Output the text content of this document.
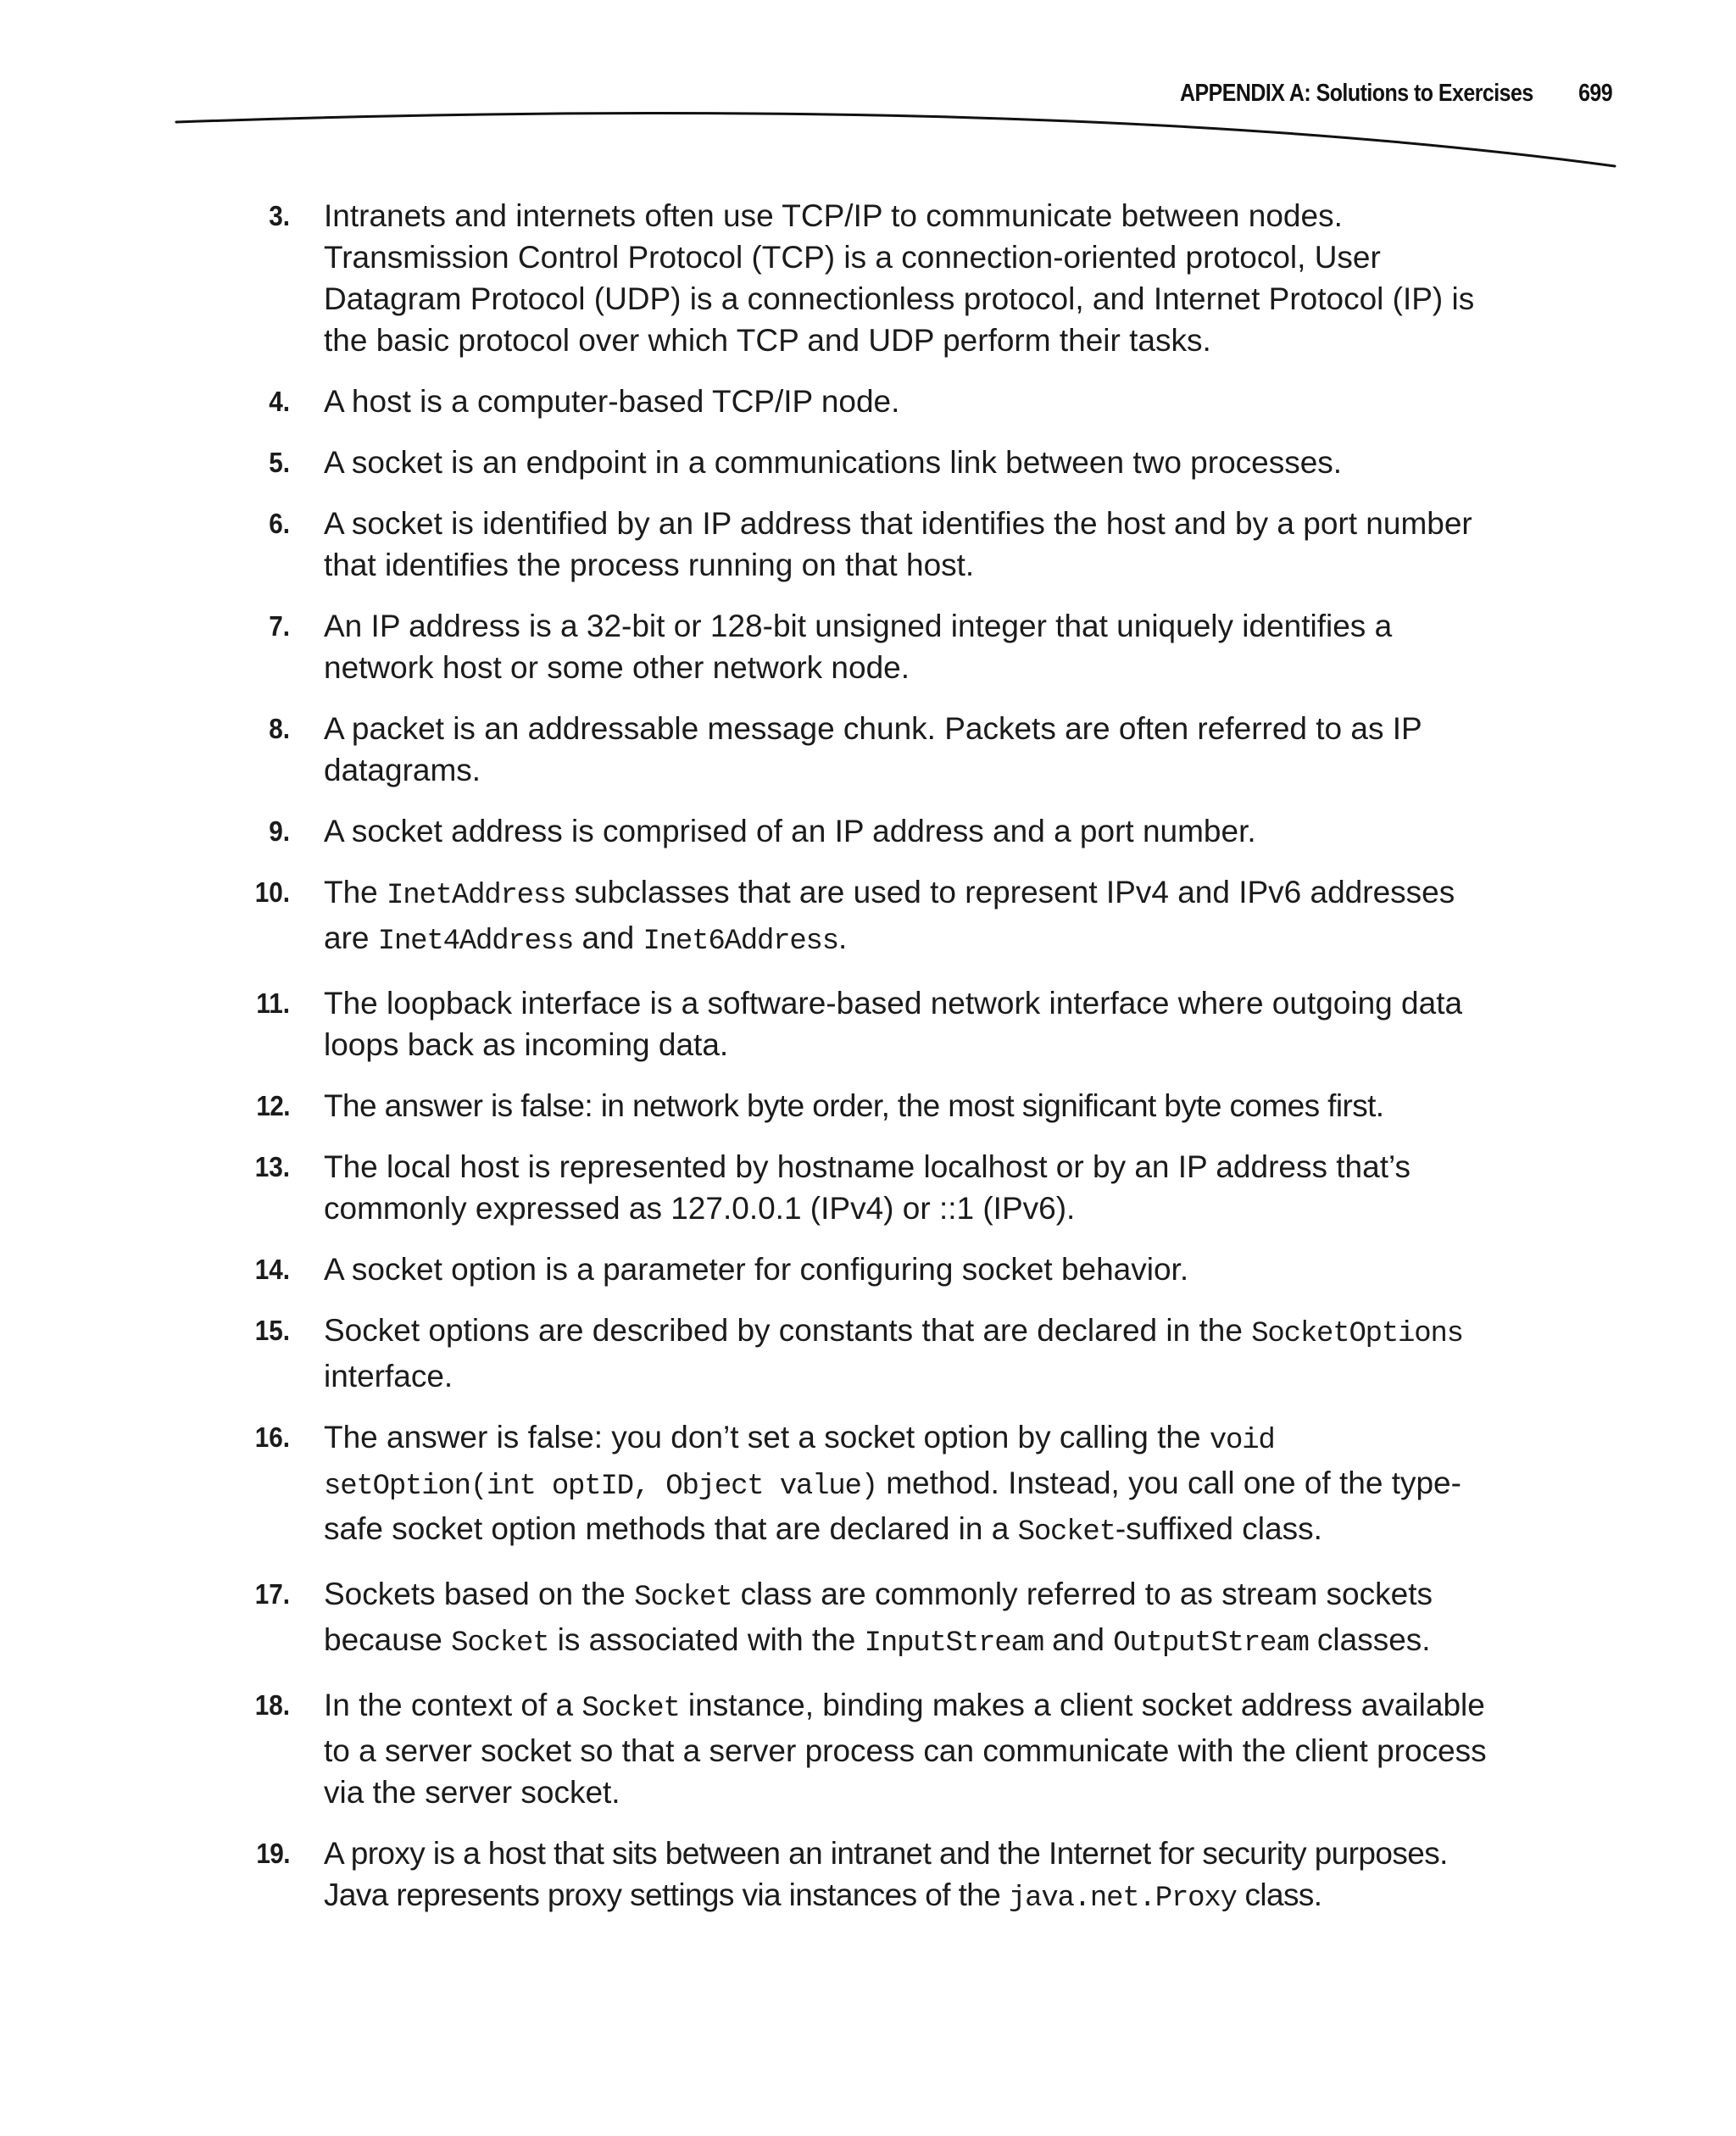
APPENDIX A: Solutions to Exercises 699
3. Intranets and internets often use TCP/IP to communicate between nodes. Transmission Control Protocol (TCP) is a connection-oriented protocol, User Datagram Protocol (UDP) is a connectionless protocol, and Internet Protocol (IP) is the basic protocol over which TCP and UDP perform their tasks.
4. A host is a computer-based TCP/IP node.
5. A socket is an endpoint in a communications link between two processes.
6. A socket is identified by an IP address that identifies the host and by a port number that identifies the process running on that host.
7. An IP address is a 32-bit or 128-bit unsigned integer that uniquely identifies a network host or some other network node.
8. A packet is an addressable message chunk. Packets are often referred to as IP datagrams.
9. A socket address is comprised of an IP address and a port number.
10. The InetAddress subclasses that are used to represent IPv4 and IPv6 addresses are Inet4Address and Inet6Address.
11. The loopback interface is a software-based network interface where outgoing data loops back as incoming data.
12. The answer is false: in network byte order, the most significant byte comes first.
13. The local host is represented by hostname localhost or by an IP address that’s commonly expressed as 127.0.0.1 (IPv4) or ::1 (IPv6).
14. A socket option is a parameter for configuring socket behavior.
15. Socket options are described by constants that are declared in the SocketOptions interface.
16. The answer is false: you don’t set a socket option by calling the void setOption(int optID, Object value) method. Instead, you call one of the type-safe socket option methods that are declared in a Socket-suffixed class.
17. Sockets based on the Socket class are commonly referred to as stream sockets because Socket is associated with the InputStream and OutputStream classes.
18. In the context of a Socket instance, binding makes a client socket address available to a server socket so that a server process can communicate with the client process via the server socket.
19. A proxy is a host that sits between an intranet and the Internet for security purposes. Java represents proxy settings via instances of the java.net.Proxy class.
